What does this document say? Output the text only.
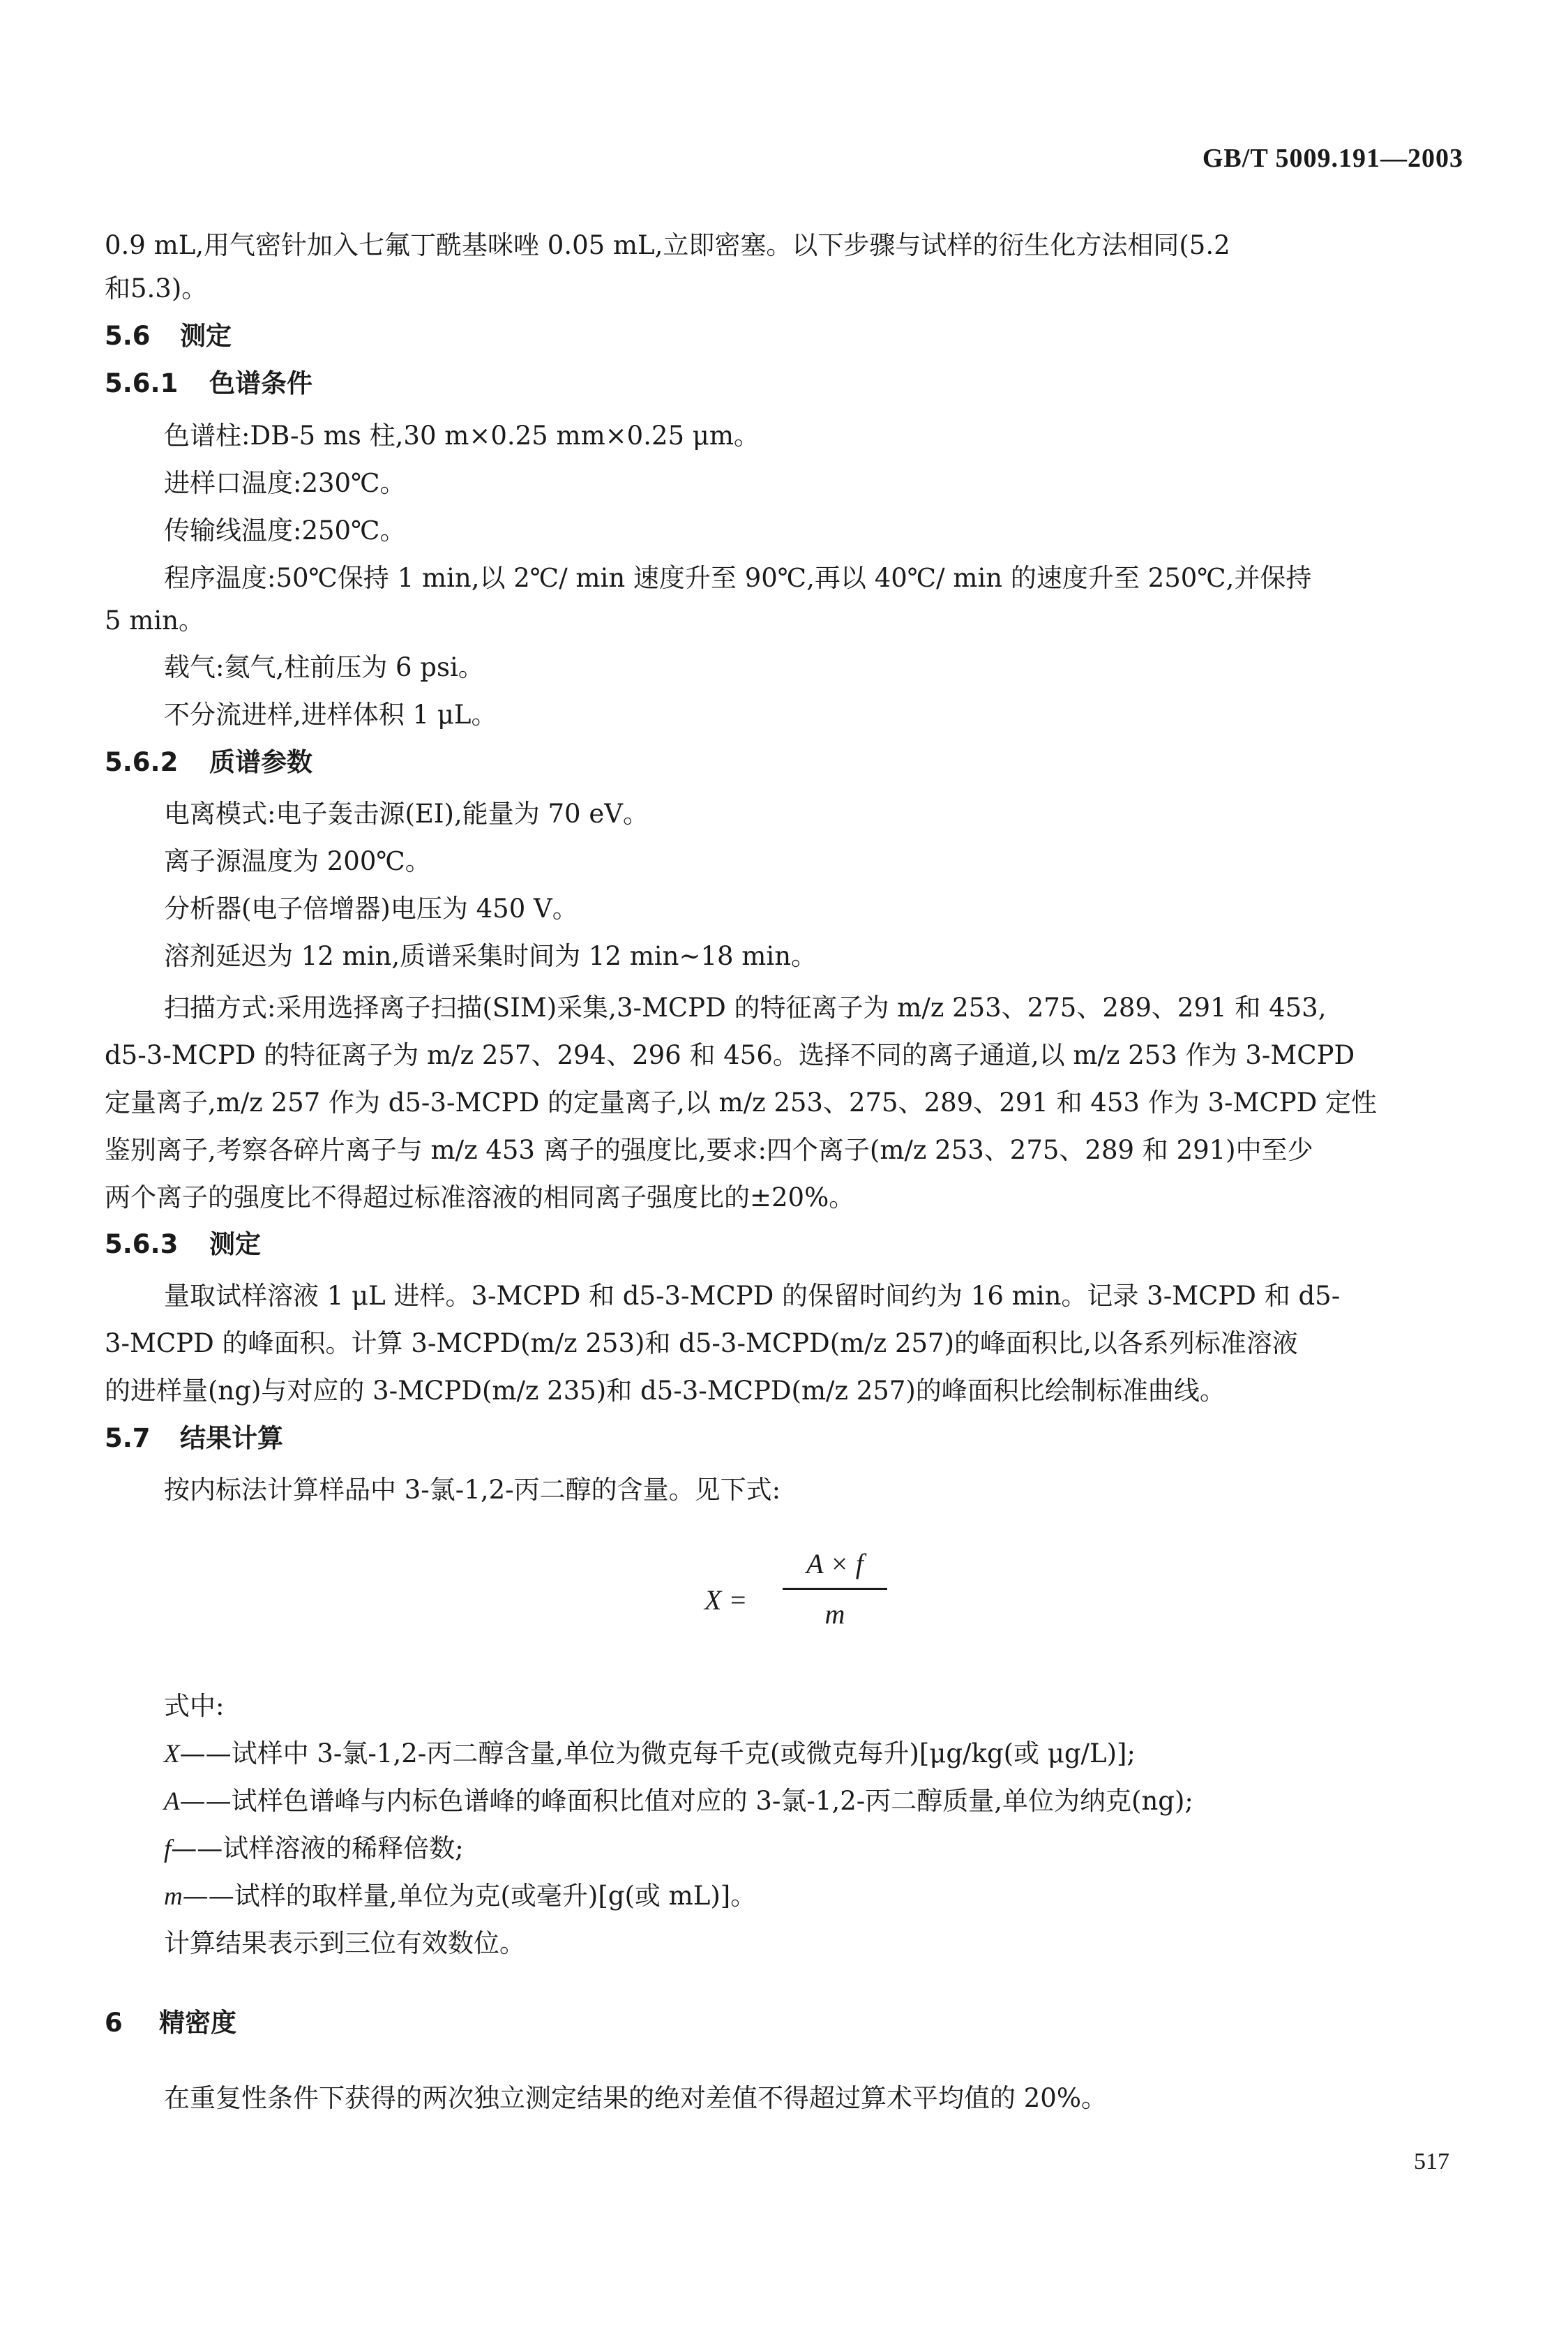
GB/T 5009.191—2003
0.9 mL,用气密针加入七氟丁酰基咪唑 0.05 mL,立即密塞。以下步骤与试样的衍生化方法相同(5.2
和5.3)。
5.6 测定
5.6.1 色谱条件
色谱柱:DB-5 ms 柱,30 m×0.25 mm×0.25 μm。
进样口温度:230℃。
传输线温度:250℃。
程序温度:50℃保持 1 min,以 2℃/ min 速度升至 90℃,再以 40℃/ min 的速度升至 250℃,并保持
5 min。
载气:氦气,柱前压为 6 psi。
不分流进样,进样体积 1 μL。
5.6.2 质谱参数
电离模式:电子轰击源(EI),能量为 70 eV。
离子源温度为 200℃。
分析器(电子倍增器)电压为 450 V。
溶剂延迟为 12 min,质谱采集时间为 12 min~18 min。
扫描方式:采用选择离子扫描(SIM)采集,3-MCPD 的特征离子为 m/z 253、275、289、291 和 453,
d5-3-MCPD 的特征离子为 m/z 257、294、296 和 456。选择不同的离子通道,以 m/z 253 作为 3-MCPD
定量离子,m/z 257 作为 d5-3-MCPD 的定量离子,以 m/z 253、275、289、291 和 453 作为 3-MCPD 定性
鉴别离子,考察各碎片离子与 m/z 453 离子的强度比,要求:四个离子(m/z 253、275、289 和 291)中至少
两个离子的强度比不得超过标准溶液的相同离子强度比的±20%。
5.6.3 测定
量取试样溶液 1 μL 进样。3-MCPD 和 d5-3-MCPD 的保留时间约为 16 min。记录 3-MCPD 和 d5-
3-MCPD 的峰面积。计算 3-MCPD(m/z 253)和 d5-3-MCPD(m/z 257)的峰面积比,以各系列标准溶液
的进样量(ng)与对应的 3-MCPD(m/z 235)和 d5-3-MCPD(m/z 257)的峰面积比绘制标准曲线。
5.7 结果计算
按内标法计算样品中 3-氯-1,2-丙二醇的含量。见下式:
X =
A × f
m
式中:
X——试样中 3-氯-1,2-丙二醇含量,单位为微克每千克(或微克每升)[μg/kg(或 μg/L)];
A——试样色谱峰与内标色谱峰的峰面积比值对应的 3-氯-1,2-丙二醇质量,单位为纳克(ng);
f——试样溶液的稀释倍数;
m——试样的取样量,单位为克(或毫升)[g(或 mL)]。
计算结果表示到三位有效数位。
6 精密度
在重复性条件下获得的两次独立测定结果的绝对差值不得超过算术平均值的 20%。
517
